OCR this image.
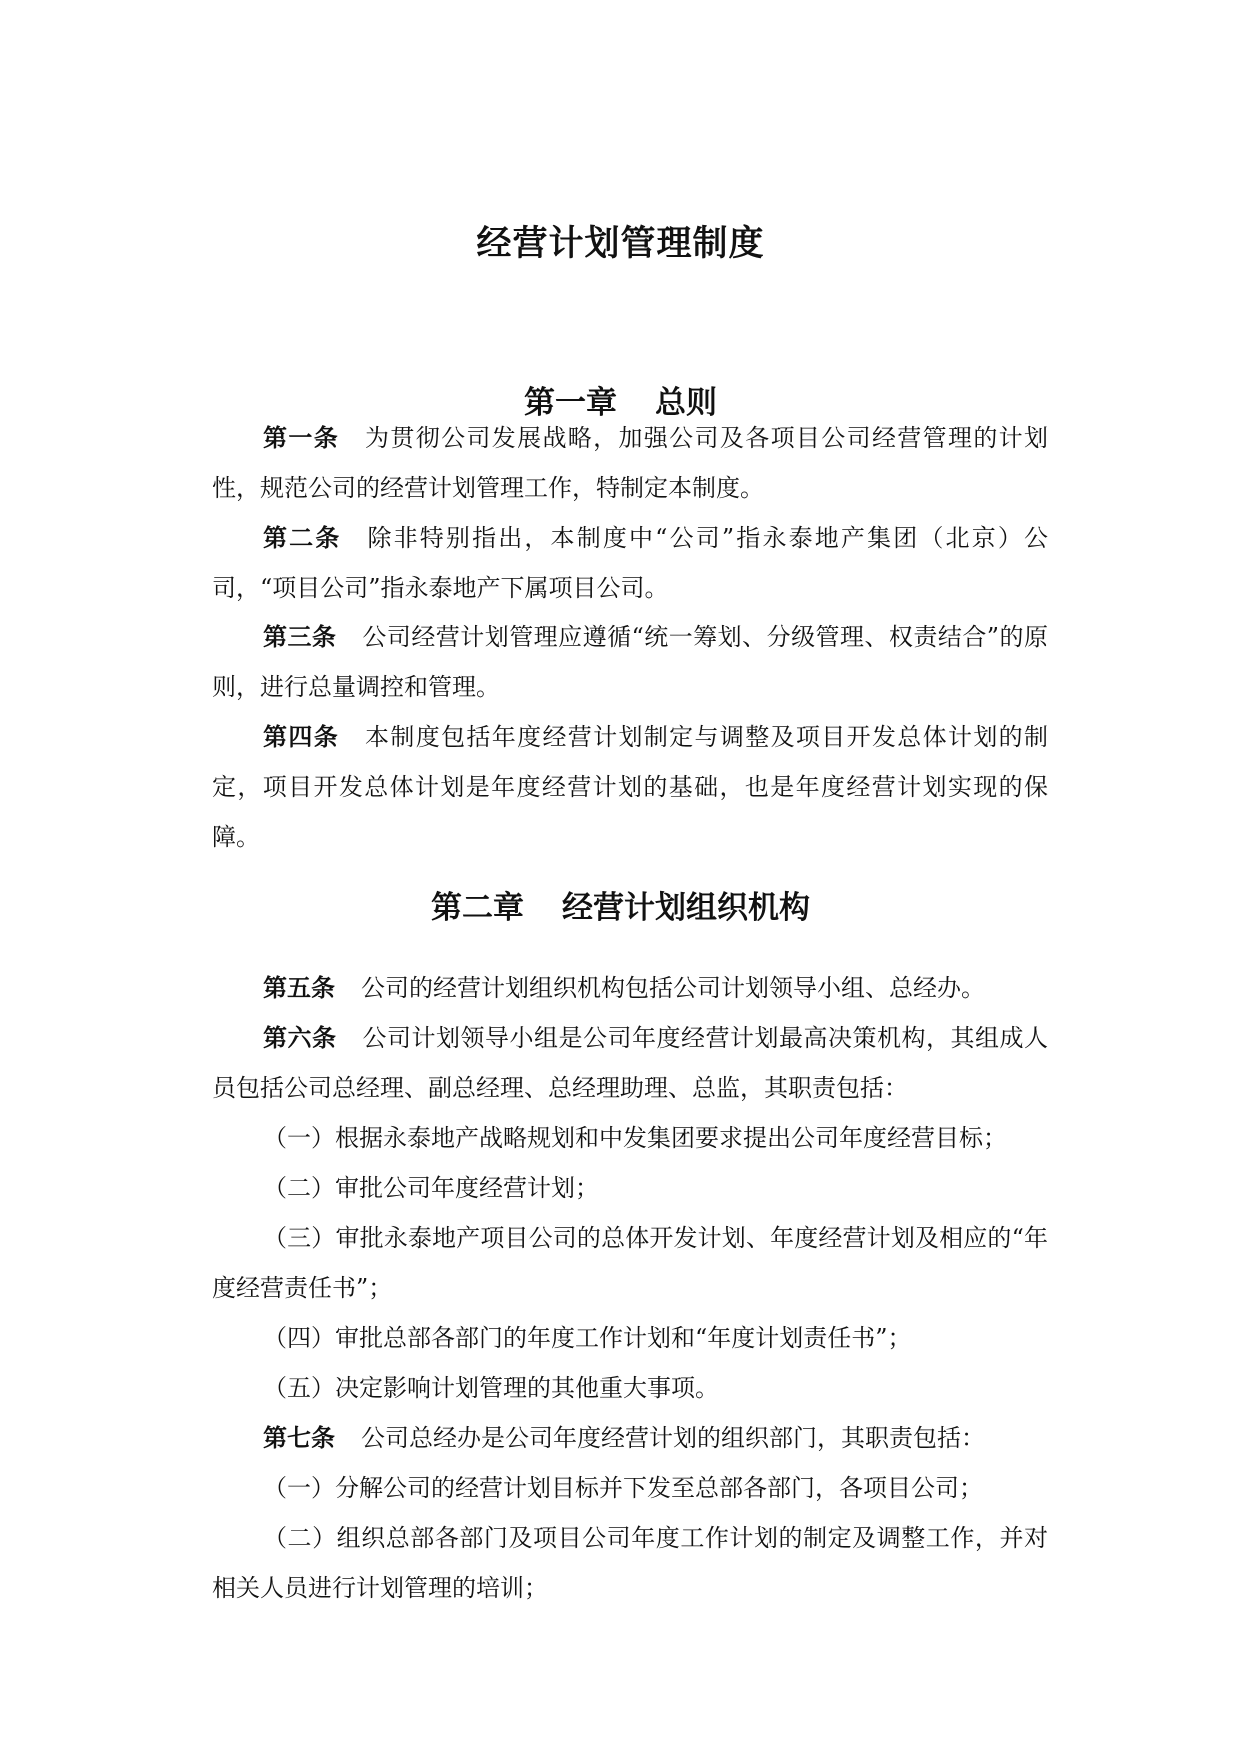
经营计划管理制度
第一章 总则

第一条 为贯彻公司发展战略，加强公司及各项目公司经营管理的计划性，规范公司的经营计划管理工作，特制定本制度。

第二条 除非特别指出，本制度中“公司”指永泰地产集团（北京）公司，“项目公司”指永泰地产下属项目公司。

第三条 公司经营计划管理应遵循“统一筹划、分级管理、权责结合”的原则，进行总量调控和管理。

第四条 本制度包括年度经营计划制定与调整及项目开发总体计划的制定，项目开发总体计划是年度经营计划的基础，也是年度经营计划实现的保障。

第二章 经营计划组织机构

第五条 公司的经营计划组织机构包括公司计划领导小组、总经办。

第六条 公司计划领导小组是公司年度经营计划最高决策机构，其组成人员包括公司总经理、副总经理、总经理助理、总监，其职责包括：

（一）根据永泰地产战略规划和中发集团要求提出公司年度经营目标；

（二）审批公司年度经营计划；

（三）审批永泰地产项目公司的总体开发计划、年度经营计划及相应的“年度经营责任书”；

（四）审批总部各部门的年度工作计划和“年度计划责任书”；

（五）决定影响计划管理的其他重大事项。

第七条 公司总经办是公司年度经营计划的组织部门，其职责包括：

（一）分解公司的经营计划目标并下发至总部各部门，各项目公司；

（二）组织总部各部门及项目公司年度工作计划的制定及调整工作，并对相关人员进行计划管理的培训；
